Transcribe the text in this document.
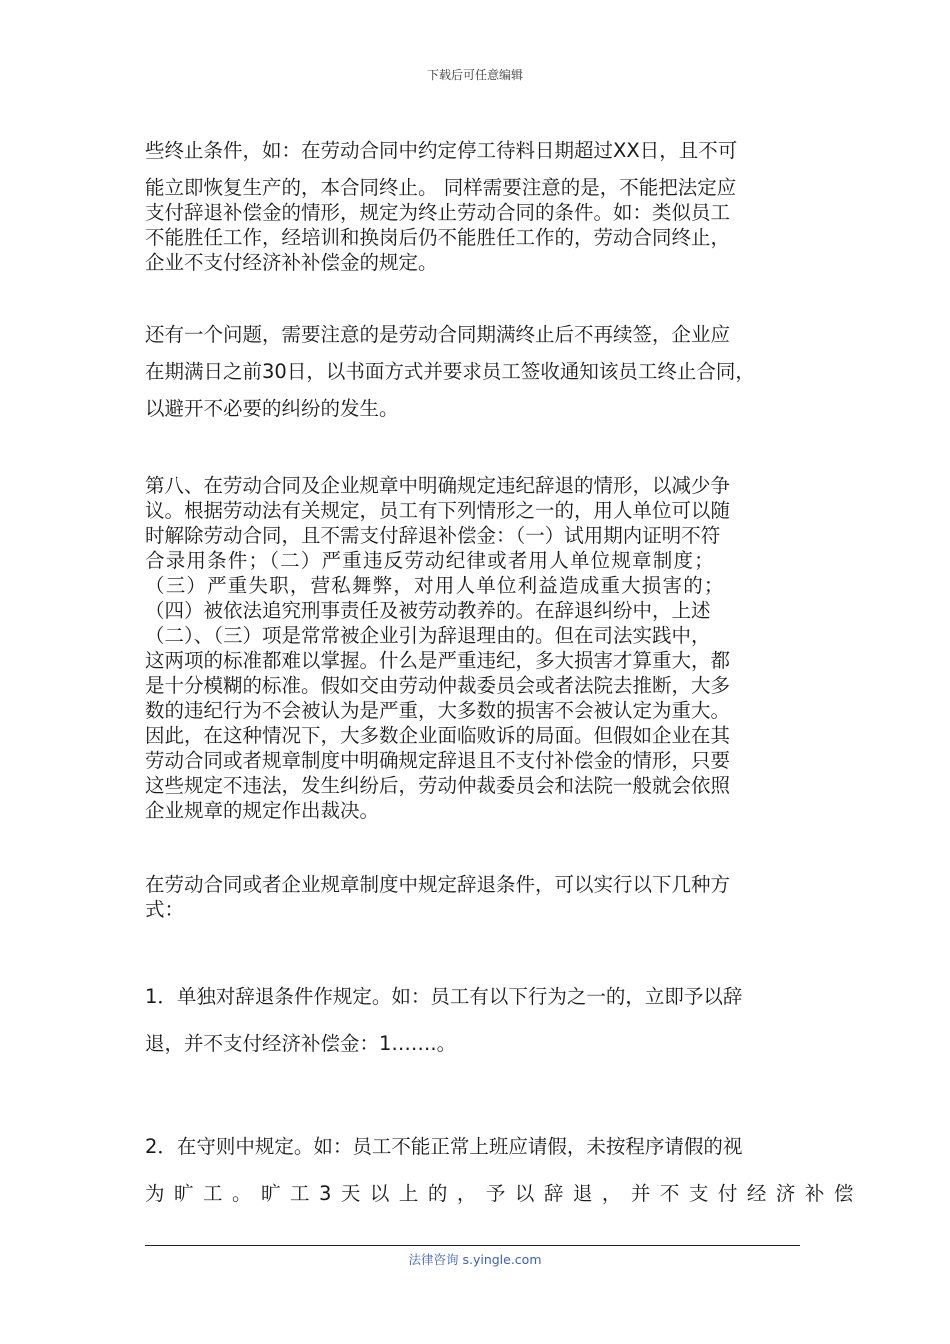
下载后可任意编辑
些终止条件，如：在劳动合同中约定停工待料日期超过XX日，且不可
能立即恢复生产的，本合同终止。 同样需要注意的是，不能把法定应
支付辞退补偿金的情形，规定为终止劳动合同的条件。如：类似员工
不能胜任工作，经培训和换岗后仍不能胜任工作的，劳动合同终止，
企业不支付经济补补偿金的规定。
还有一个问题，需要注意的是劳动合同期满终止后不再续签，企业应
在期满日之前30日，以书面方式并要求员工签收通知该员工终止合同，
以避开不必要的纠纷的发生。
第八、在劳动合同及企业规章中明确规定违纪辞退的情形，以减少争
议。根据劳动法有关规定，员工有下列情形之一的，用人单位可以随
时解除劳动合同，且不需支付辞退补偿金：（一）试用期内证明不符
合录用条件；（二）严重违反劳动纪律或者用人单位规章制度；
（三）严重失职，营私舞弊，对用人单位利益造成重大损害的；
（四）被依法追究刑事责任及被劳动教养的。在辞退纠纷中，上述
（二）、（三）项是常常被企业引为辞退理由的。但在司法实践中，
这两项的标准都难以掌握。什么是严重违纪，多大损害才算重大，都
是十分模糊的标准。假如交由劳动仲裁委员会或者法院去推断，大多
数的违纪行为不会被认为是严重，大多数的损害不会被认定为重大。
因此，在这种情况下，大多数企业面临败诉的局面。但假如企业在其
劳动合同或者规章制度中明确规定辞退且不支付补偿金的情形，只要
这些规定不违法，发生纠纷后，劳动仲裁委员会和法院一般就会依照
企业规章的规定作出裁决。
在劳动合同或者企业规章制度中规定辞退条件，可以实行以下几种方
式：
1．单独对辞退条件作规定。如：员工有以下行为之一的，立即予以辞
退，并不支付经济补偿金：1…….。
2．在守则中规定。如：员工不能正常上班应请假，未按程序请假的视
为旷工。旷工3天以上的，予以辞退，并不支付经济补偿
法律咨询 s.yingle.com
